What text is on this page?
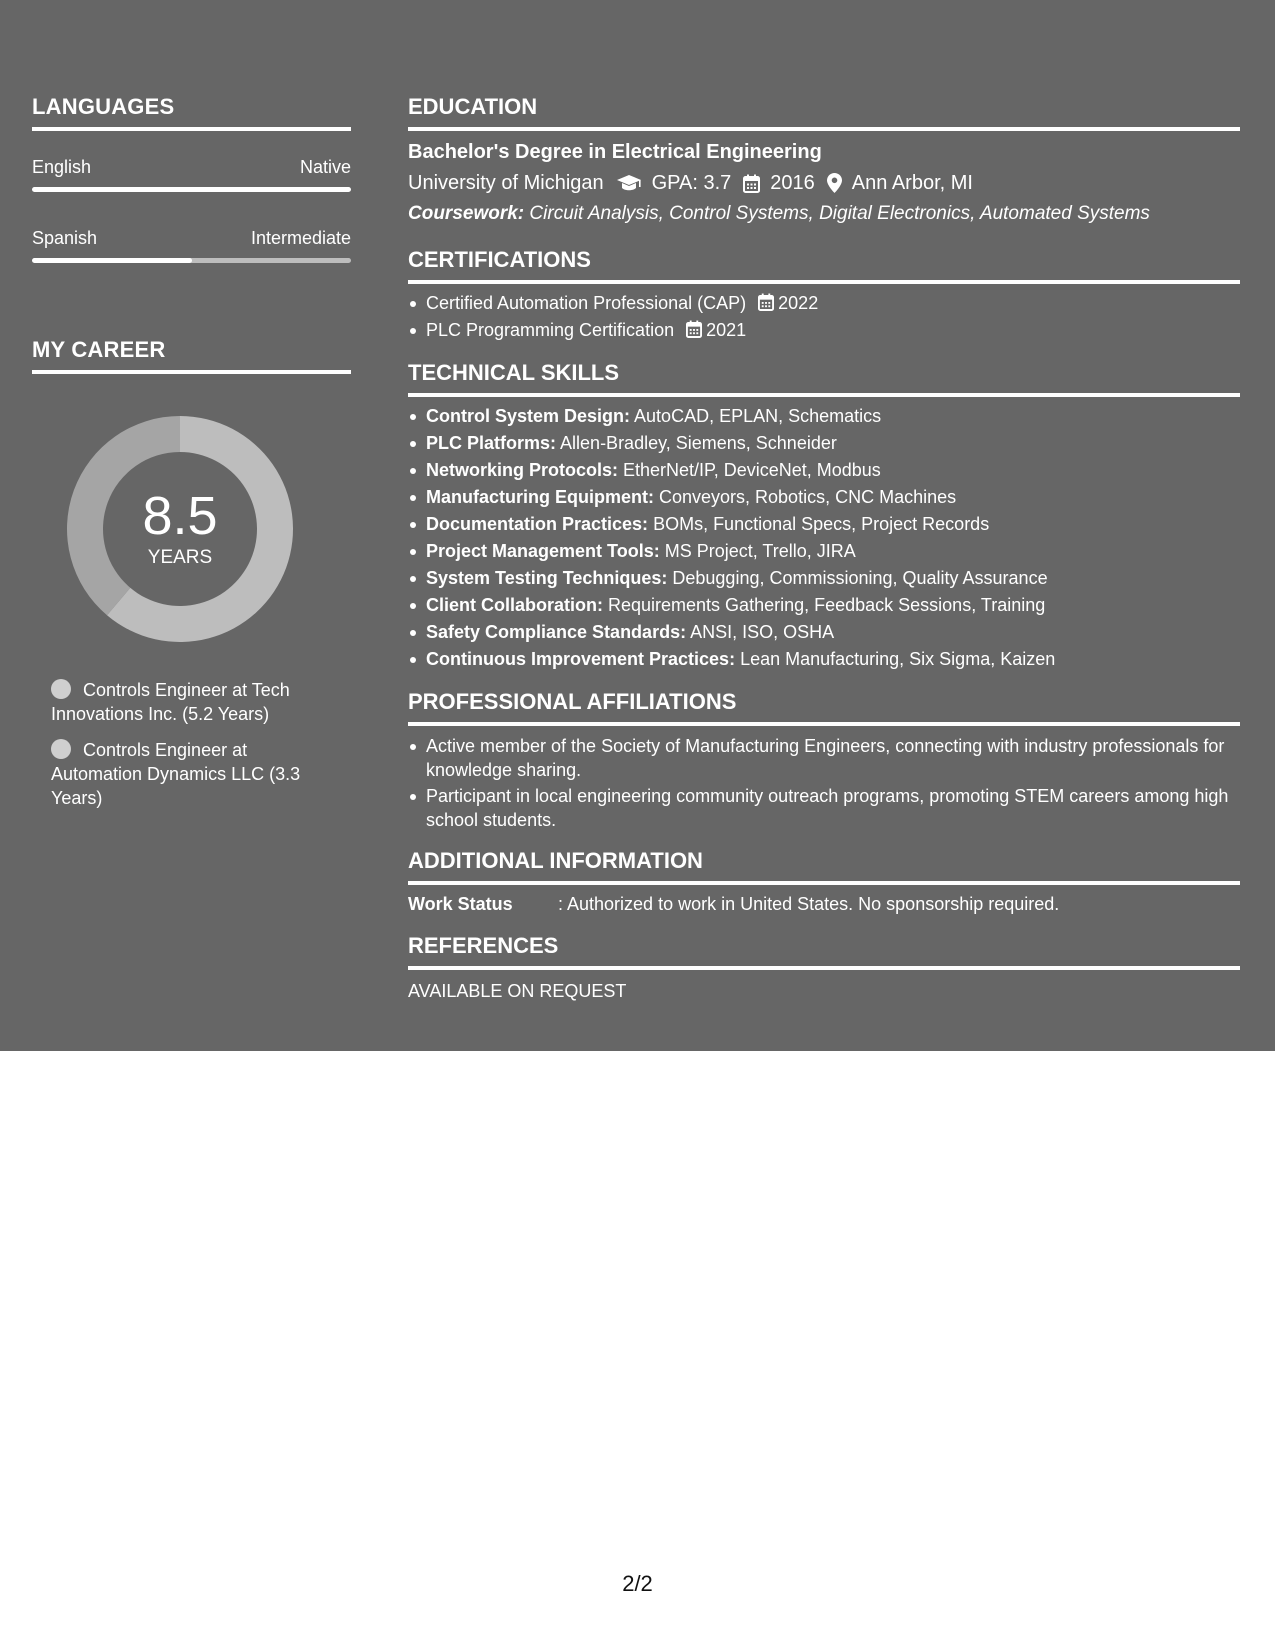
LANGUAGES
English	Native
Spanish	Intermediate
MY CAREER
8.5
YEARS
Controls Engineer at Tech Innovations Inc. (5.2 Years)
Controls Engineer at Automation Dynamics LLC (3.3 Years)
EDUCATION
Bachelor's Degree in Electrical Engineering
University of Michigan GPA: 3.7 2016 Ann Arbor, MI
Coursework: Circuit Analysis, Control Systems, Digital Electronics, Automated Systems
CERTIFICATIONS
Certified Automation Professional (CAP) 2022
PLC Programming Certification 2021
TECHNICAL SKILLS
Control System Design: AutoCAD, EPLAN, Schematics
PLC Platforms: Allen-Bradley, Siemens, Schneider
Networking Protocols: EtherNet/IP, DeviceNet, Modbus
Manufacturing Equipment: Conveyors, Robotics, CNC Machines
Documentation Practices: BOMs, Functional Specs, Project Records
Project Management Tools: MS Project, Trello, JIRA
System Testing Techniques: Debugging, Commissioning, Quality Assurance
Client Collaboration: Requirements Gathering, Feedback Sessions, Training
Safety Compliance Standards: ANSI, ISO, OSHA
Continuous Improvement Practices: Lean Manufacturing, Six Sigma, Kaizen
PROFESSIONAL AFFILIATIONS
Active member of the Society of Manufacturing Engineers, connecting with industry professionals for knowledge sharing.
Participant in local engineering community outreach programs, promoting STEM careers among high school students.
ADDITIONAL INFORMATION
Work Status	: Authorized to work in United States. No sponsorship required.
REFERENCES
AVAILABLE ON REQUEST
2/2
